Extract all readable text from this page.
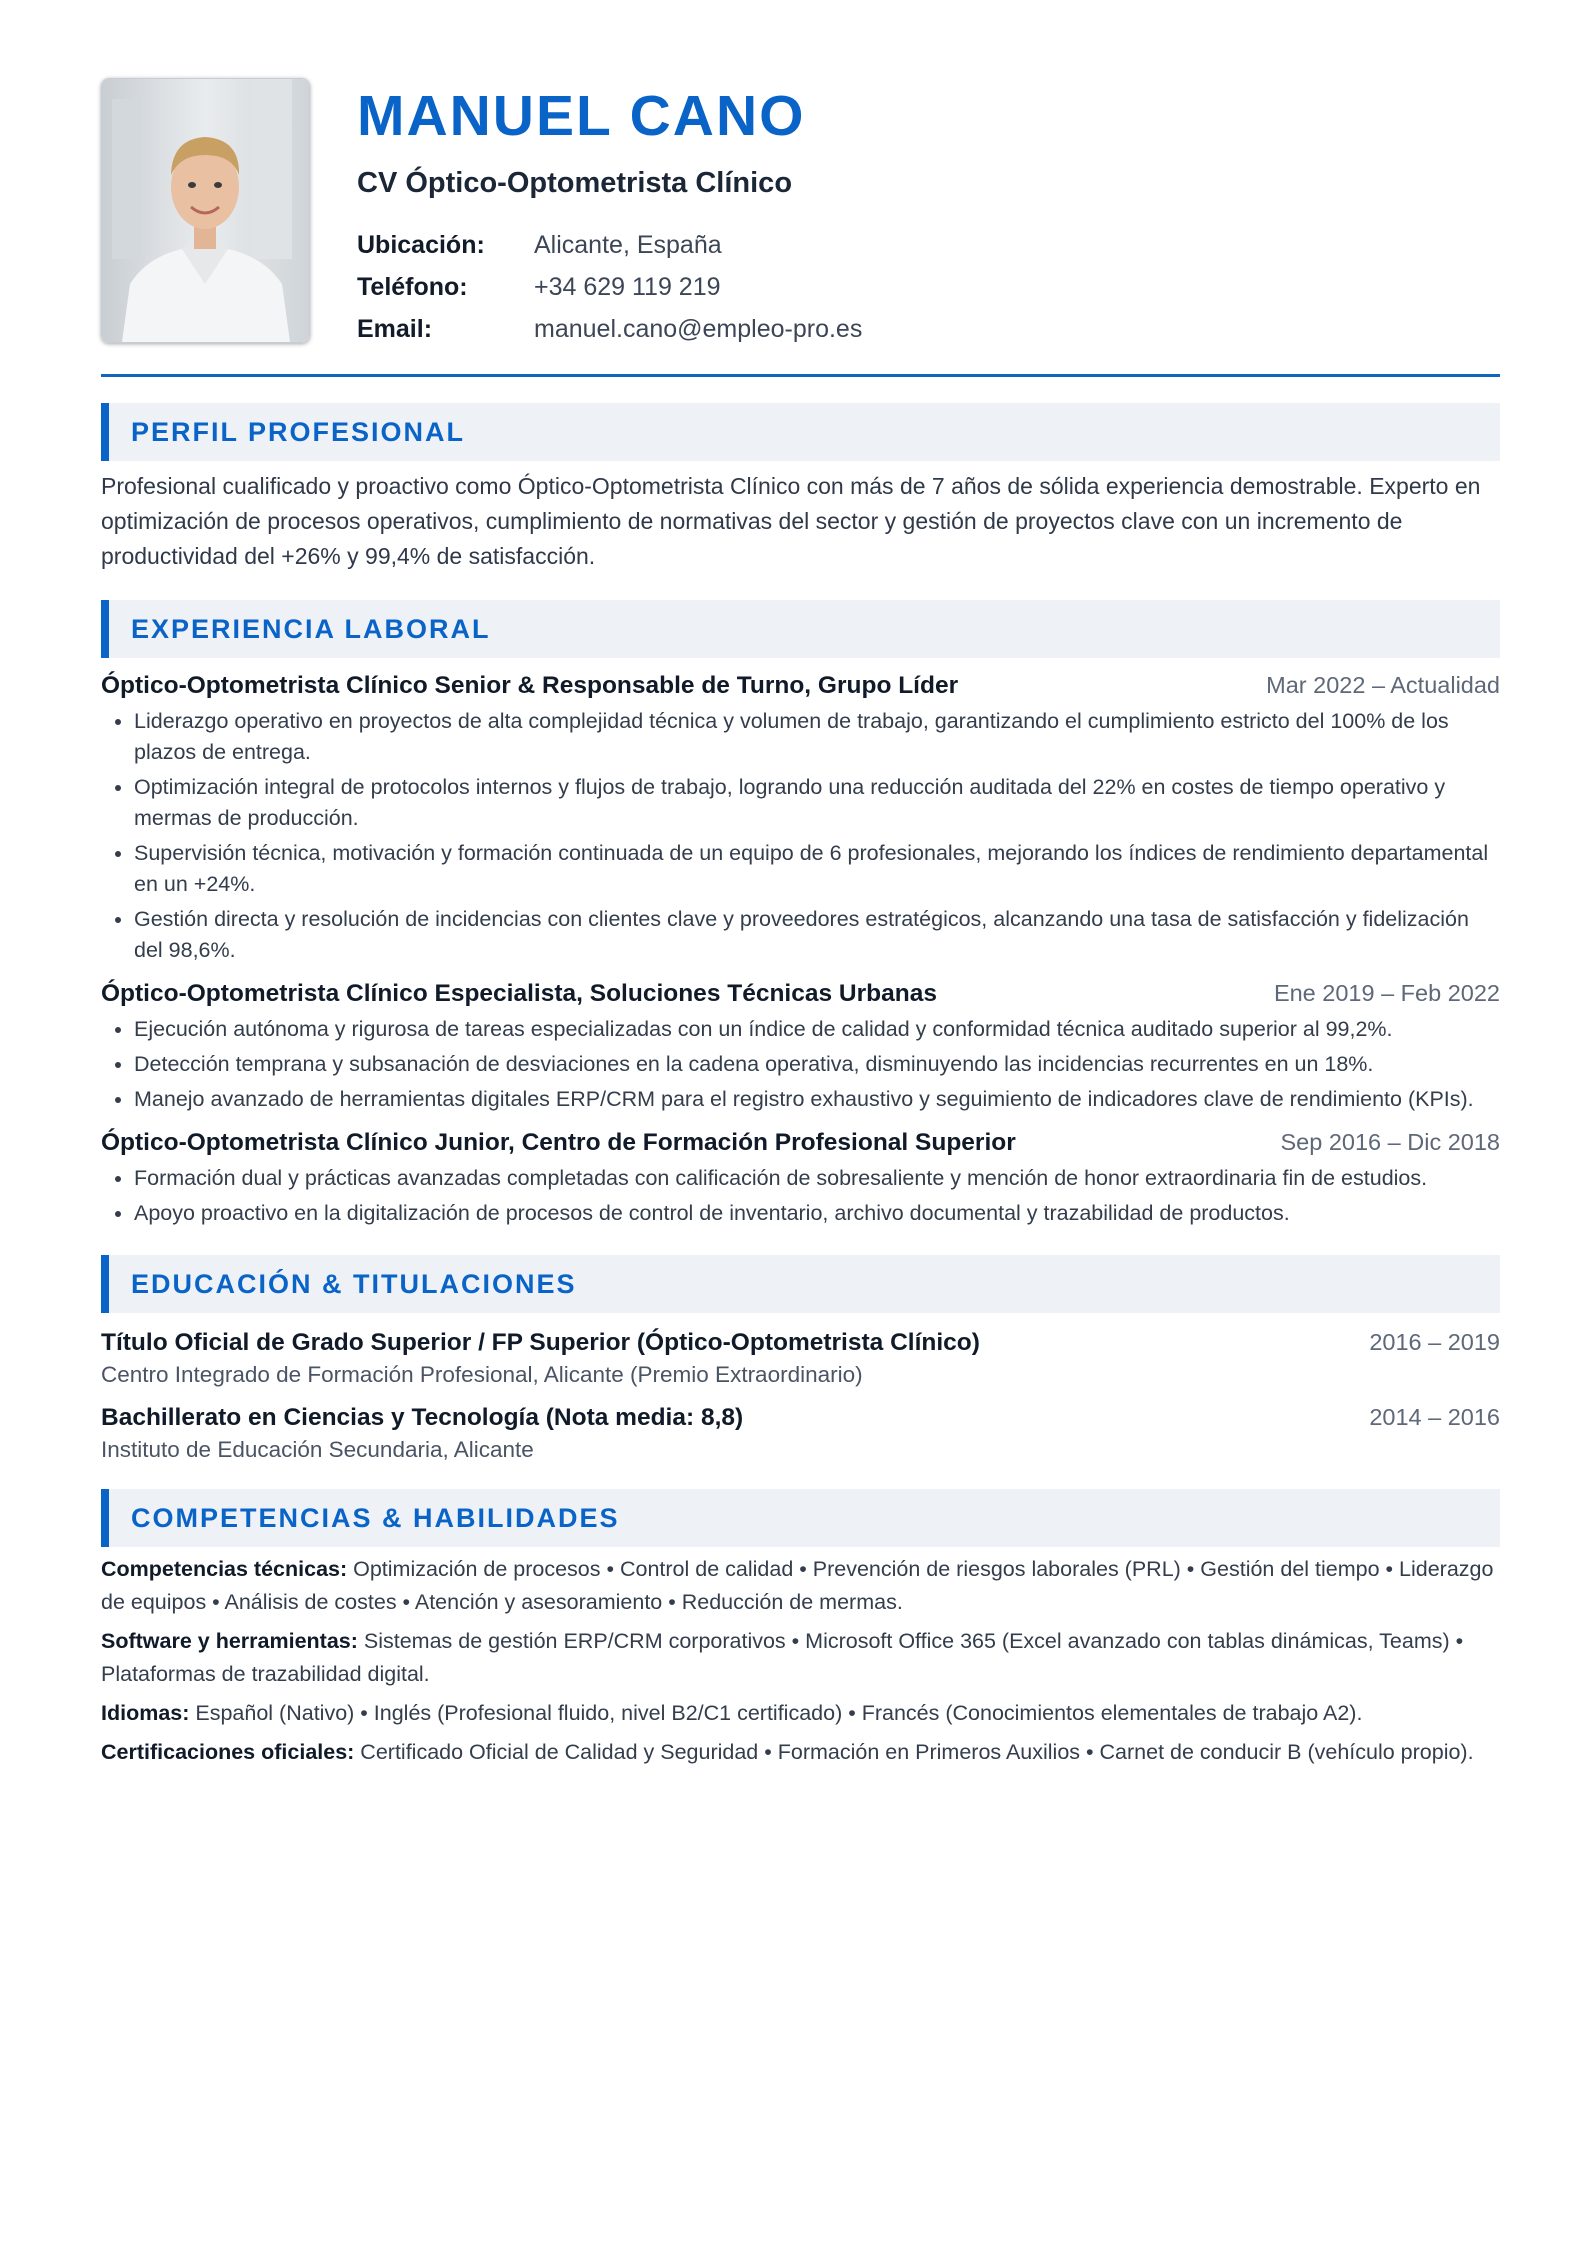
MANUEL CANO
CV Óptico-Optometrista Clínico
Ubicación:	Alicante, España
Teléfono:	+34 629 119 219
Email:	manuel.cano@empleo-pro.es
PERFIL PROFESIONAL
Profesional cualificado y proactivo como Óptico-Optometrista Clínico con más de 7 años de sólida experiencia demostrable. Experto en optimización de procesos operativos, cumplimiento de normativas del sector y gestión de proyectos clave con un incremento de productividad del +26% y 99,4% de satisfacción.
EXPERIENCIA LABORAL
Óptico-Optometrista Clínico Senior & Responsable de Turno, Grupo Líder	Mar 2022 – Actualidad
• Liderazgo operativo en proyectos de alta complejidad técnica y volumen de trabajo, garantizando el cumplimiento estricto del 100% de los plazos de entrega.
• Optimización integral de protocolos internos y flujos de trabajo, logrando una reducción auditada del 22% en costes de tiempo operativo y mermas de producción.
• Supervisión técnica, motivación y formación continuada de un equipo de 6 profesionales, mejorando los índices de rendimiento departamental en un +24%.
• Gestión directa y resolución de incidencias con clientes clave y proveedores estratégicos, alcanzando una tasa de satisfacción y fidelización del 98,6%.
Óptico-Optometrista Clínico Especialista, Soluciones Técnicas Urbanas	Ene 2019 – Feb 2022
• Ejecución autónoma y rigurosa de tareas especializadas con un índice de calidad y conformidad técnica auditado superior al 99,2%.
• Detección temprana y subsanación de desviaciones en la cadena operativa, disminuyendo las incidencias recurrentes en un 18%.
• Manejo avanzado de herramientas digitales ERP/CRM para el registro exhaustivo y seguimiento de indicadores clave de rendimiento (KPIs).
Óptico-Optometrista Clínico Junior, Centro de Formación Profesional Superior	Sep 2016 – Dic 2018
• Formación dual y prácticas avanzadas completadas con calificación de sobresaliente y mención de honor extraordinaria fin de estudios.
• Apoyo proactivo en la digitalización de procesos de control de inventario, archivo documental y trazabilidad de productos.
EDUCACIÓN & TITULACIONES
Título Oficial de Grado Superior / FP Superior (Óptico-Optometrista Clínico)	2016 – 2019
Centro Integrado de Formación Profesional, Alicante (Premio Extraordinario)
Bachillerato en Ciencias y Tecnología (Nota media: 8,8)	2014 – 2016
Instituto de Educación Secundaria, Alicante
COMPETENCIAS & HABILIDADES
Competencias técnicas: Optimización de procesos • Control de calidad • Prevención de riesgos laborales (PRL) • Gestión del tiempo • Liderazgo de equipos • Análisis de costes • Atención y asesoramiento • Reducción de mermas.
Software y herramientas: Sistemas de gestión ERP/CRM corporativos • Microsoft Office 365 (Excel avanzado con tablas dinámicas, Teams) • Plataformas de trazabilidad digital.
Idiomas: Español (Nativo) • Inglés (Profesional fluido, nivel B2/C1 certificado) • Francés (Conocimientos elementales de trabajo A2).
Certificaciones oficiales: Certificado Oficial de Calidad y Seguridad • Formación en Primeros Auxilios • Carnet de conducir B (vehículo propio).
